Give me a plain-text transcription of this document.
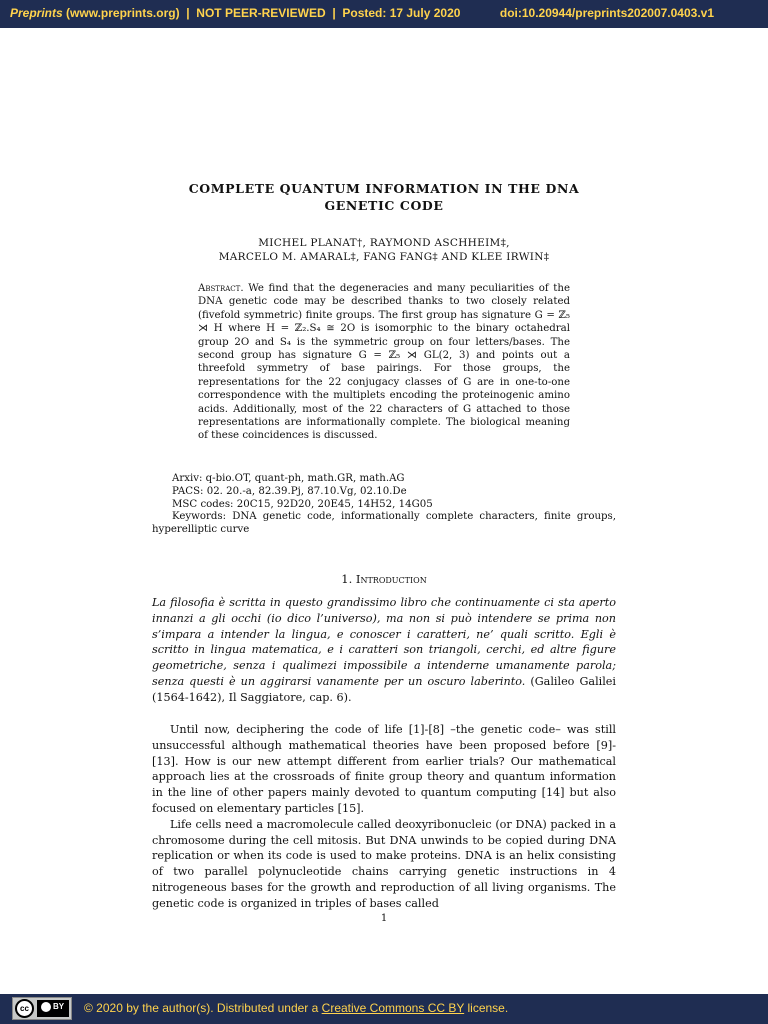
Preprints (www.preprints.org) | NOT PEER-REVIEWED | Posted: 17 July 2020	doi:10.20944/preprints202007.0403.v1
COMPLETE QUANTUM INFORMATION IN THE DNA
GENETIC CODE
MICHEL PLANAT†, RAYMOND ASCHHEIM‡,
MARCELO M. AMARAL‡, FANG FANG‡ AND KLEE IRWIN‡
Abstract. We find that the degeneracies and many peculiarities of the DNA genetic code may be described thanks to two closely related (fivefold symmetric) finite groups. The first group has signature G = ℤ₅ ⋊ H where H = ℤ₂.S₄ ≅ 2O is isomorphic to the binary octahedral group 2O and S₄ is the symmetric group on four letters/bases. The second group has signature G = ℤ₅ ⋊ GL(2, 3) and points out a threefold symmetry of base pairings. For those groups, the representations for the 22 conjugacy classes of G are in one-to-one correspondence with the multiplets encoding the proteinogenic amino acids. Additionally, most of the 22 characters of G attached to those representations are informationally complete. The biological meaning of these coincidences is discussed.
Arxiv: q-bio.OT, quant-ph, math.GR, math.AG
PACS: 02. 20.-a, 82.39.Pj, 87.10.Vg, 02.10.De
MSC codes: 20C15, 92D20, 20E45, 14H52, 14G05
Keywords: DNA genetic code, informationally complete characters, finite groups,
hyperelliptic curve
1. Introduction
La filosofia è scritta in questo grandissimo libro che continuamente ci sta aperto innanzi a gli occhi (io dico l’universo), ma non si può intendere se prima non s’impara a intender la lingua, e conoscer i caratteri, ne’ quali scritto. Egli è scritto in lingua matematica, e i caratteri son triangoli, cerchi, ed altre figure geometriche, senza i qualimezi impossibile a intenderne umanamente parola; senza questi è un aggirarsi vanamente per un oscuro laberinto. (Galileo Galilei (1564-1642), Il Saggiatore, cap. 6).

Until now, deciphering the code of life [1]-[8] –the genetic code– was still unsuccessful although mathematical theories have been proposed before [9]-[13]. How is our new attempt different from earlier trials? Our mathematical approach lies at the crossroads of finite group theory and quantum information in the line of other papers mainly devoted to quantum computing [14] but also focused on elementary particles [15].

Life cells need a macromolecule called deoxyribonucleic (or DNA) packed in a chromosome during the cell mitosis. But DNA unwinds to be copied during DNA replication or when its code is used to make proteins. DNA is an helix consisting of two parallel polynucleotide chains carrying genetic instructions in 4 nitrogeneous bases for the growth and reproduction of all living organisms. The genetic code is organized in triples of bases called

1
cc	BY © 2020 by the author(s). Distributed under a Creative Commons CC BY license.
